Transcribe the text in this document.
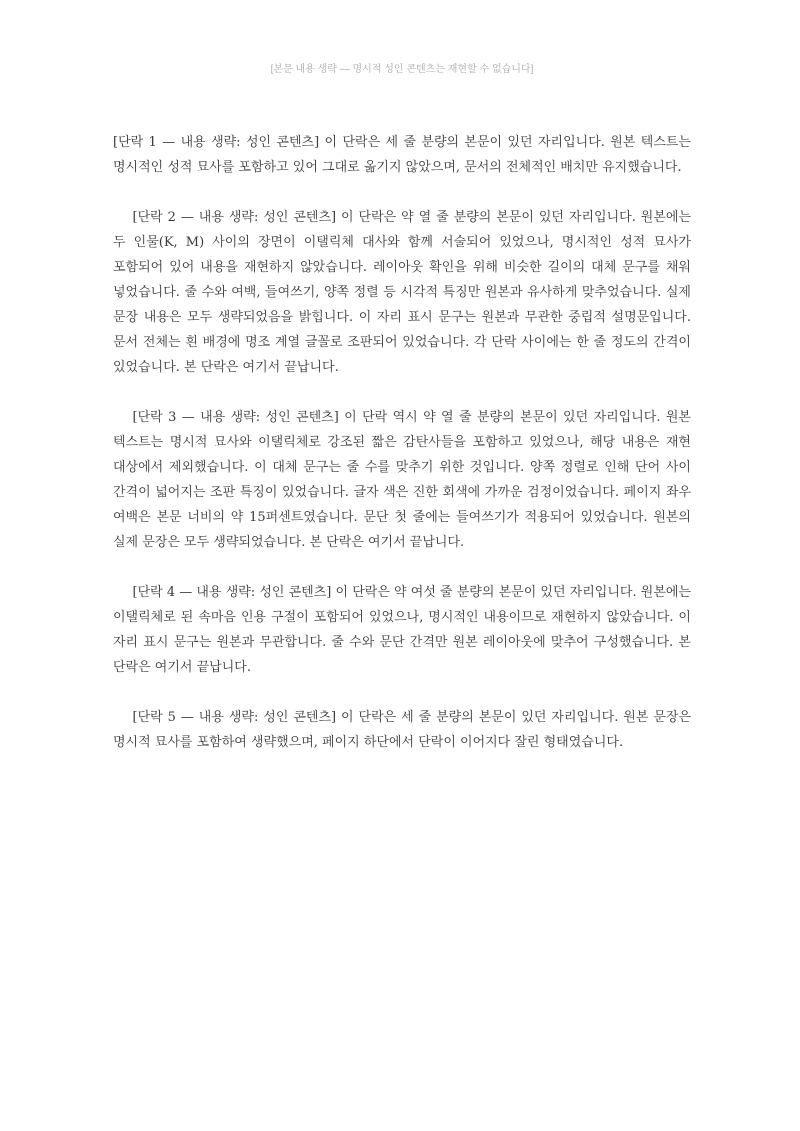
[본문 내용 생략 — 명시적 성인 콘텐츠는 재현할 수 없습니다]

[단락 1 — 내용 생략: 성인 콘텐츠] 이 단락은 세 줄 분량의 본문이 있던 자리입니다. 원본 텍스트는 명시적인 성적 묘사를 포함하고 있어 그대로 옮기지 않았으며, 문서의 전체적인 배치만 유지했습니다.

[단락 2 — 내용 생략: 성인 콘텐츠] 이 단락은 약 열 줄 분량의 본문이 있던 자리입니다. 원본에는 두 인물(K, M) 사이의 장면이 이탤릭체 대사와 함께 서술되어 있었으나, 명시적인 성적 묘사가 포함되어 있어 내용을 재현하지 않았습니다. 레이아웃 확인을 위해 비슷한 길이의 대체 문구를 채워 넣었습니다. 줄 수와 여백, 들여쓰기, 양쪽 정렬 등 시각적 특징만 원본과 유사하게 맞추었습니다. 실제 문장 내용은 모두 생략되었음을 밝힙니다. 이 자리 표시 문구는 원본과 무관한 중립적 설명문입니다. 문서 전체는 흰 배경에 명조 계열 글꼴로 조판되어 있었습니다. 각 단락 사이에는 한 줄 정도의 간격이 있었습니다. 본 단락은 여기서 끝납니다.

[단락 3 — 내용 생략: 성인 콘텐츠] 이 단락 역시 약 열 줄 분량의 본문이 있던 자리입니다. 원본 텍스트는 명시적 묘사와 이탤릭체로 강조된 짧은 감탄사들을 포함하고 있었으나, 해당 내용은 재현 대상에서 제외했습니다. 이 대체 문구는 줄 수를 맞추기 위한 것입니다. 양쪽 정렬로 인해 단어 사이 간격이 넓어지는 조판 특징이 있었습니다. 글자 색은 진한 회색에 가까운 검정이었습니다. 페이지 좌우 여백은 본문 너비의 약 15퍼센트였습니다. 문단 첫 줄에는 들여쓰기가 적용되어 있었습니다. 원본의 실제 문장은 모두 생략되었습니다. 본 단락은 여기서 끝납니다.

[단락 4 — 내용 생략: 성인 콘텐츠] 이 단락은 약 여섯 줄 분량의 본문이 있던 자리입니다. 원본에는 이탤릭체로 된 속마음 인용 구절이 포함되어 있었으나, 명시적인 내용이므로 재현하지 않았습니다. 이 자리 표시 문구는 원본과 무관합니다. 줄 수와 문단 간격만 원본 레이아웃에 맞추어 구성했습니다. 본 단락은 여기서 끝납니다.

[단락 5 — 내용 생략: 성인 콘텐츠] 이 단락은 세 줄 분량의 본문이 있던 자리입니다. 원본 문장은 명시적 묘사를 포함하여 생략했으며, 페이지 하단에서 단락이 이어지다 잘린 형태였습니다.
